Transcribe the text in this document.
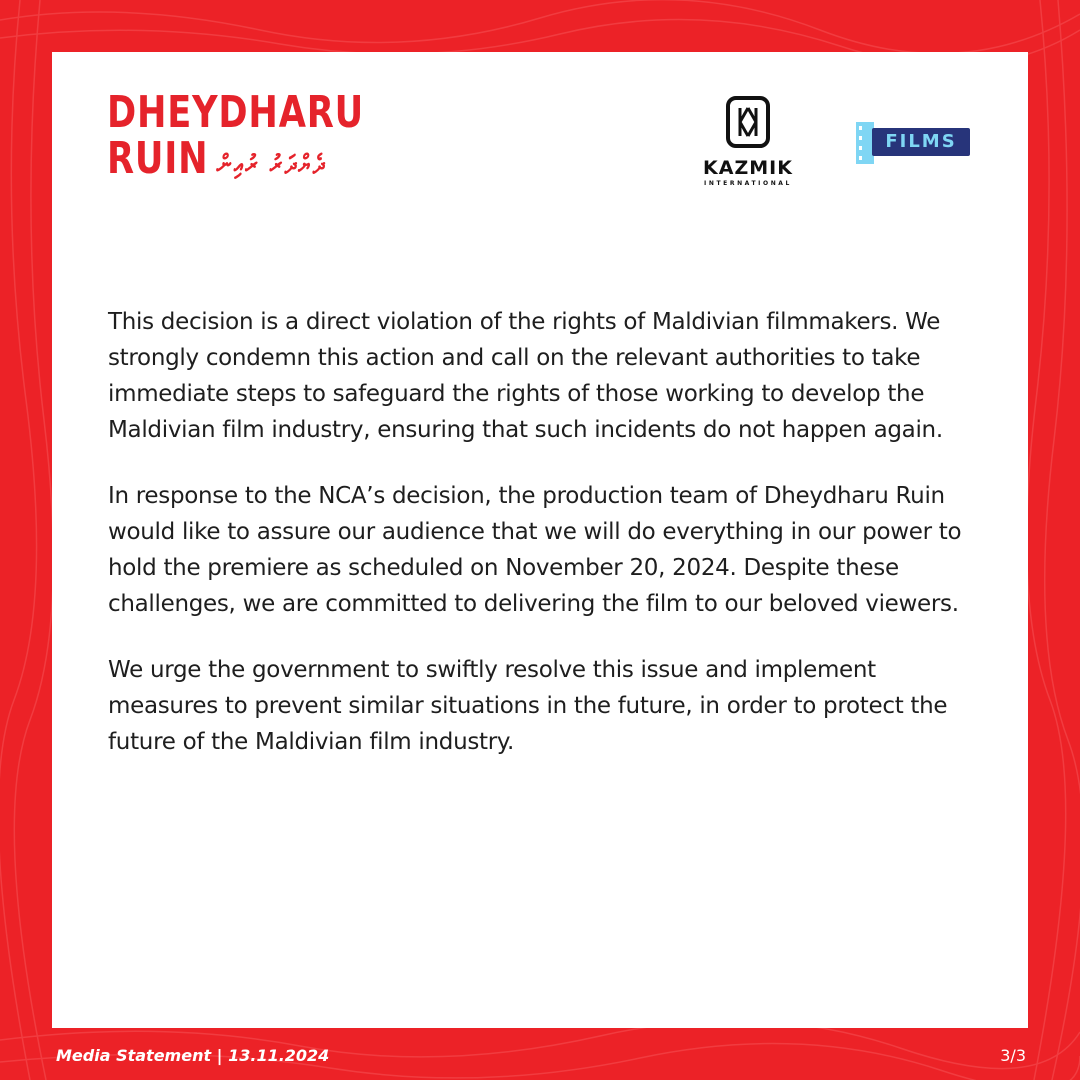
DHEYDHARU
RUIN ދެޔްދަރު ރުއިން	KAZMIK
INTERNATIONAL
FILMS

This decision is a direct violation of the rights of Maldivian filmmakers. We strongly condemn this action and call on the relevant authorities to take immediate steps to safeguard the rights of those working to develop the Maldivian film industry, ensuring that such incidents do not happen again.

In response to the NCA’s decision, the production team of Dheydharu Ruin would like to assure our audience that we will do everything in our power to hold the premiere as scheduled on November 20, 2024. Despite these challenges, we are committed to delivering the film to our beloved viewers.

We urge the government to swiftly resolve this issue and implement measures to prevent similar situations in the future, in order to protect the future of the Maldivian film industry.

Media Statement | 13.11.2024	3/3
